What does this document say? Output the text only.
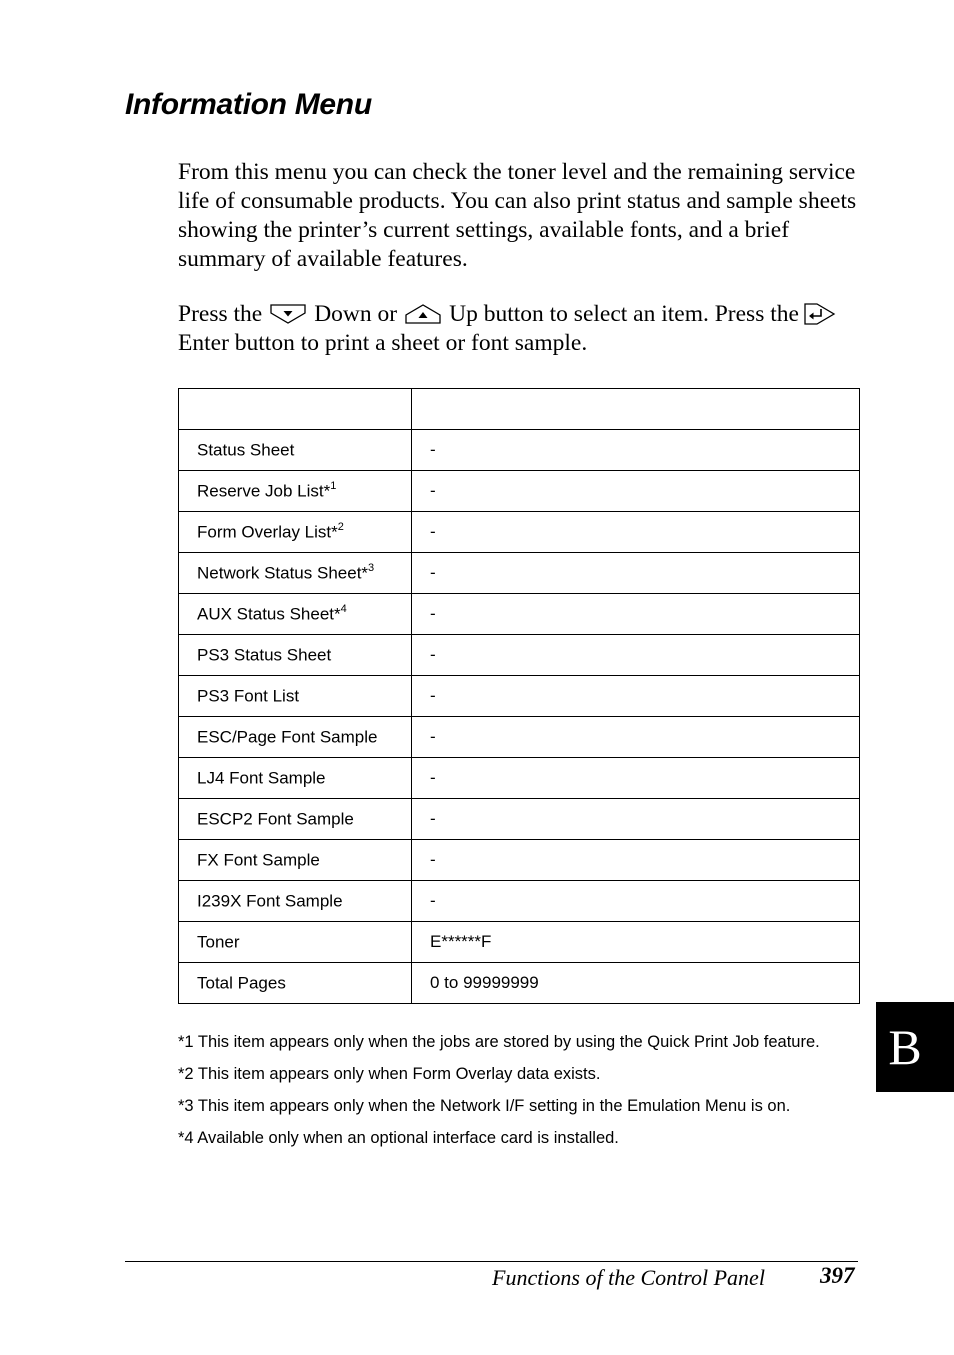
Information Menu
From this menu you can check the toner level and the remaining service life of consumable products. You can also print status and sample sheets showing the printer’s current settings, available fonts, and a brief summary of available features.
Press the Down or Up button to select an item. Press the
Enter button to print a sheet or font sample.

Status Sheet	-
Reserve Job List*$^1$	-
Form Overlay List*$^2$	-
Network Status Sheet*$^3$	-
AUX Status Sheet*$^4$	-
PS3 Status Sheet	-
PS3 Font List	-
ESC/Page Font Sample	-
LJ4 Font Sample	-
ESCP2 Font Sample	-
FX Font Sample	-
I239X Font Sample	-
Toner	E******F
Total Pages	0 to 99999999
*1 This item appears only when the jobs are stored by using the Quick Print Job feature.
*2 This item appears only when Form Overlay data exists.
*3 This item appears only when the Network I/F setting in the Emulation Menu is on.
*4 Available only when an optional interface card is installed.
B
Functions of the Control Panel 397
